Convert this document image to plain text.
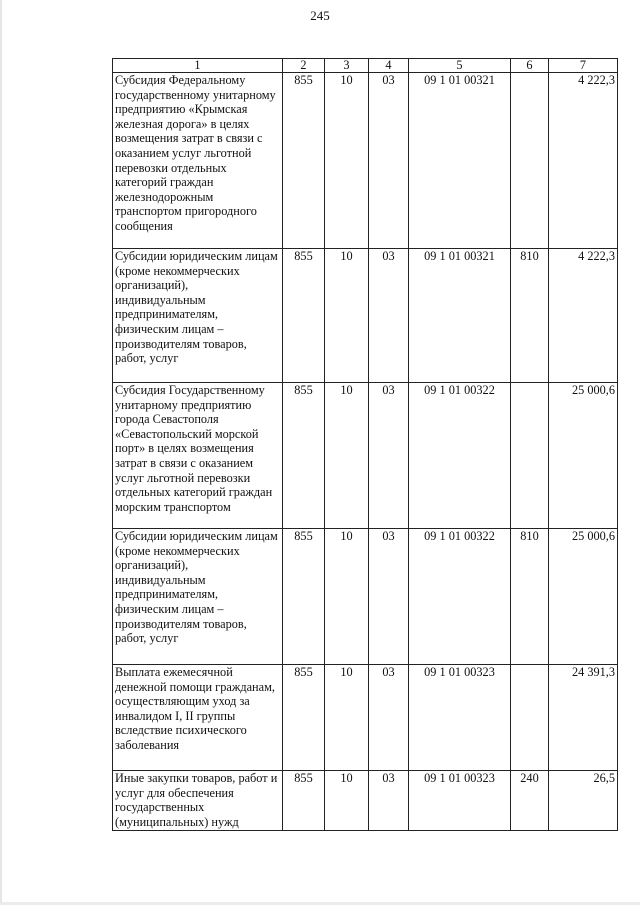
245
1	2	3	4	5	6	7
Субсидия Федеральному государственному унитарному предприятию «Крымская железная дорога» в целях возмещения затрат в связи с оказанием услуг льготной перевозки отдельных категорий граждан железнодорожным транспортом пригородного сообщения	855	10	03	09 1 01 00321		4 222,3
Субсидии юридическим лицам (кроме некоммерческих организаций), индивидуальным предпринимателям, физическим лицам – производителям товаров, работ, услуг	855	10	03	09 1 01 00321	810	4 222,3
Субсидия Государственному унитарному предприятию города Севастополя «Севастопольский морской порт» в целях возмещения затрат в связи с оказанием услуг льготной перевозки отдельных категорий граждан морским транспортом	855	10	03	09 1 01 00322		25 000,6
Субсидии юридическим лицам (кроме некоммерческих организаций), индивидуальным предпринимателям, физическим лицам – производителям товаров, работ, услуг	855	10	03	09 1 01 00322	810	25 000,6
Выплата ежемесячной денежной помощи гражданам, осуществляющим уход за инвалидом I, II группы вследствие психического заболевания	855	10	03	09 1 01 00323		24 391,3
Иные закупки товаров, работ и услуг для обеспечения государственных (муниципальных) нужд	855	10	03	09 1 01 00323	240	26,5
